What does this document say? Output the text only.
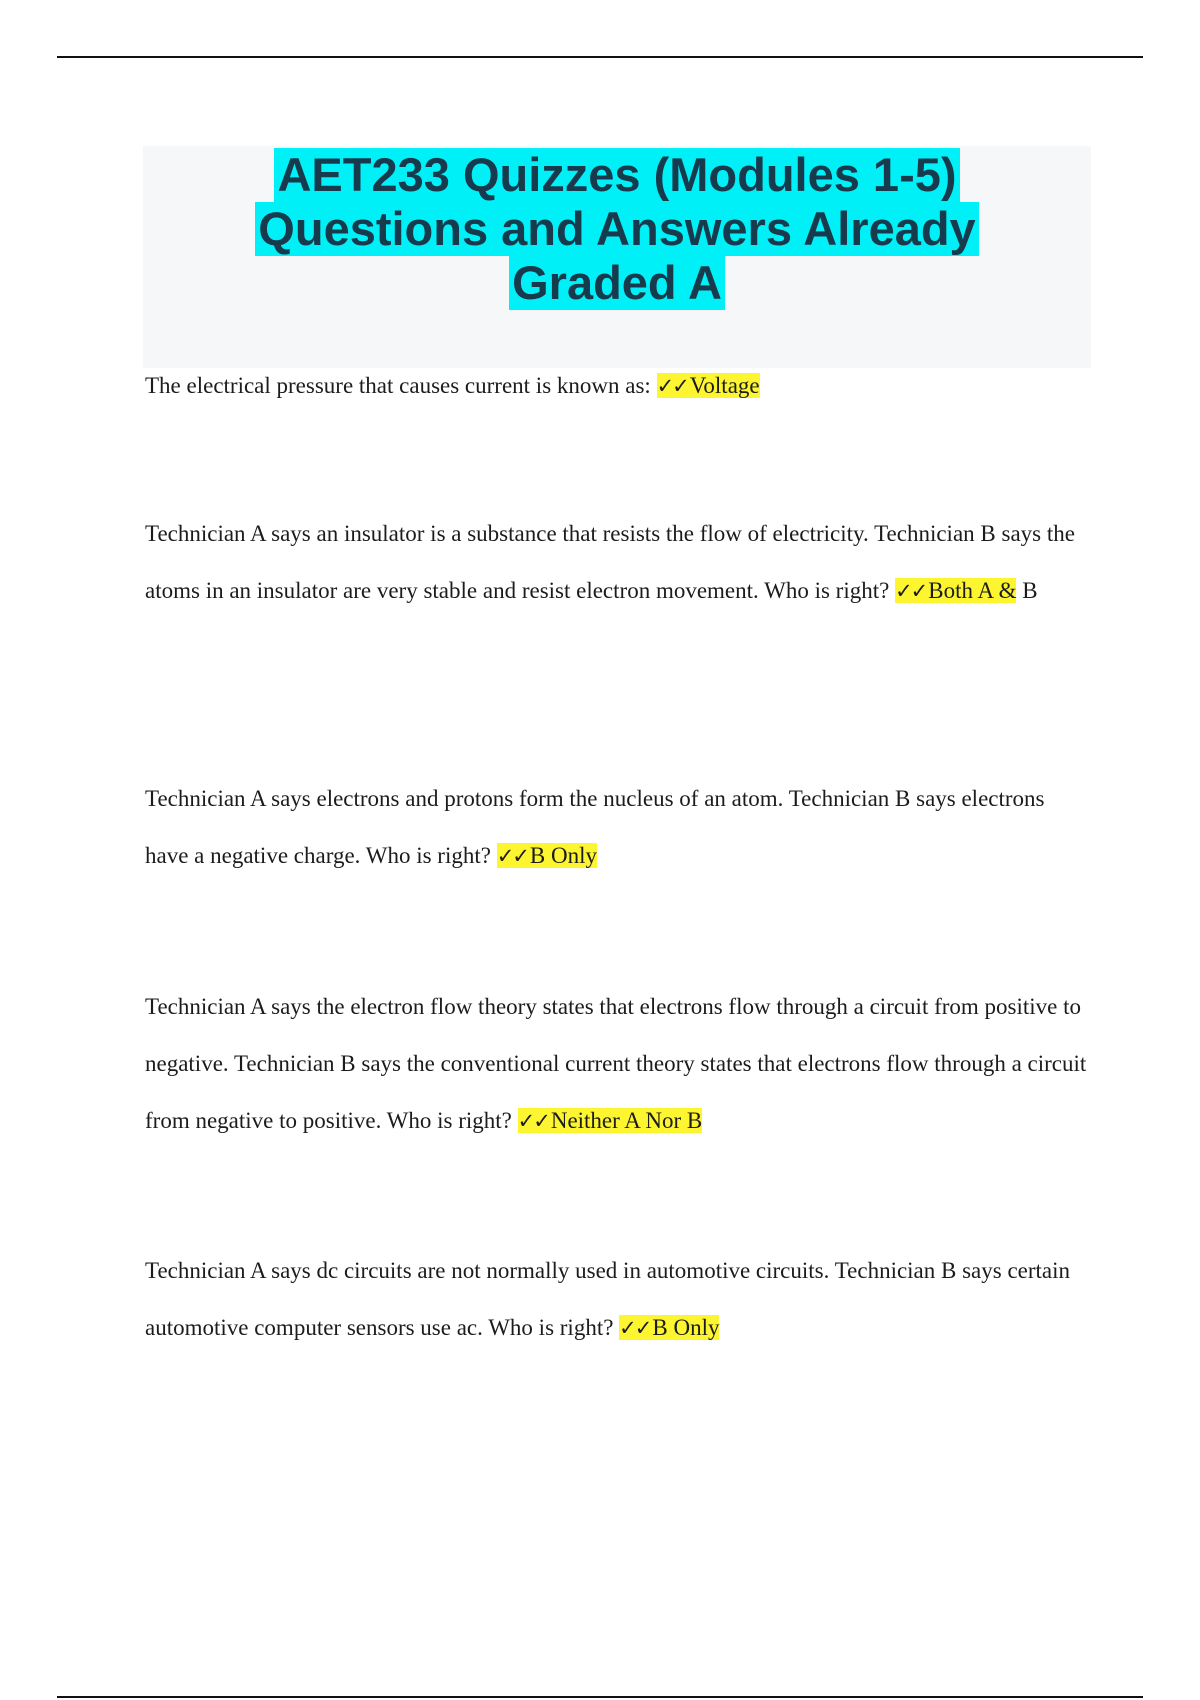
AET233 Quizzes (Modules 1-5)
Questions and Answers Already
Graded A

The electrical pressure that causes current is known as: ✓✓Voltage

Technician A says an insulator is a substance that resists the flow of electricity. Technician B says the atoms in an insulator are very stable and resist electron movement. Who is right? ✓✓Both A & B

Technician A says electrons and protons form the nucleus of an atom. Technician B says electrons have a negative charge. Who is right? ✓✓B Only

Technician A says the electron flow theory states that electrons flow through a circuit from positive to negative. Technician B says the conventional current theory states that electrons flow through a circuit from negative to positive. Who is right? ✓✓Neither A Nor B

Technician A says dc circuits are not normally used in automotive circuits. Technician B says certain automotive computer sensors use ac. Who is right? ✓✓B Only
